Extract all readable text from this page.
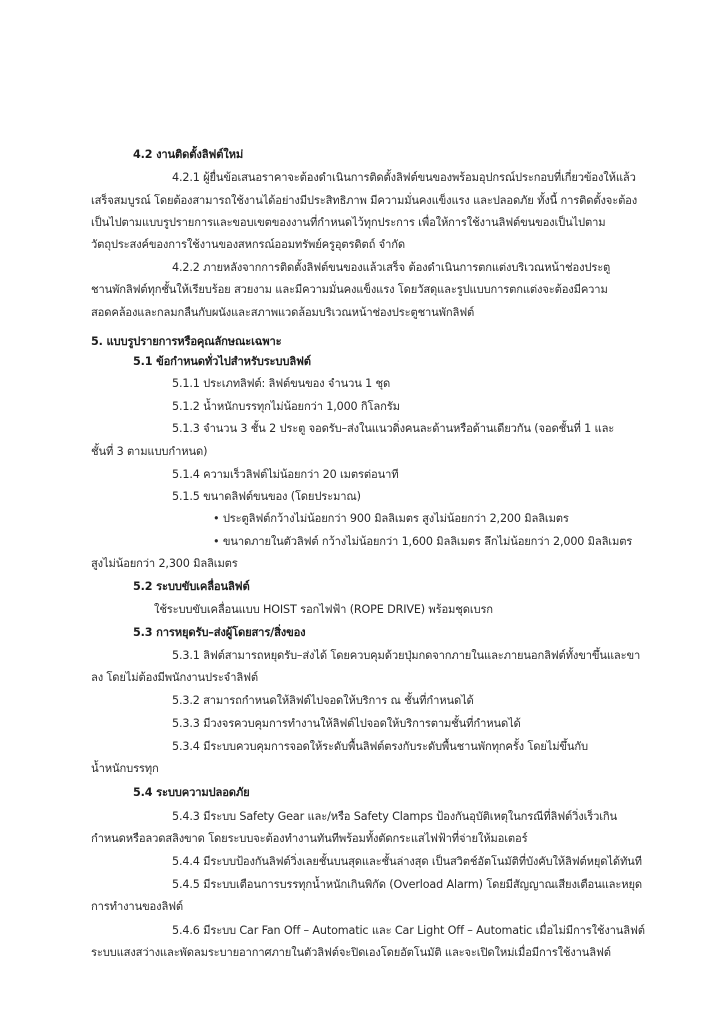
4.2 งานติดตั้งลิฟต์ใหม่
4.2.1 ผู้ยื่นข้อเสนอราคาจะต้องดำเนินการติดตั้งลิฟต์ขนของพร้อมอุปกรณ์ประกอบที่เกี่ยวข้องให้แล้ว
เสร็จสมบูรณ์ โดยต้องสามารถใช้งานได้อย่างมีประสิทธิภาพ มีความมั่นคงแข็งแรง และปลอดภัย ทั้งนี้ การติดตั้งจะต้อง
เป็นไปตามแบบรูปรายการและขอบเขตของงานที่กำหนดไว้ทุกประการ เพื่อให้การใช้งานลิฟต์ขนของเป็นไปตาม
วัตถุประสงค์ของการใช้งานของสหกรณ์ออมทรัพย์ครูอุตรดิตถ์ จำกัด
4.2.2 ภายหลังจากการติดตั้งลิฟต์ขนของแล้วเสร็จ ต้องดำเนินการตกแต่งบริเวณหน้าช่องประตู
ชานพักลิฟต์ทุกชั้นให้เรียบร้อย สวยงาม และมีความมั่นคงแข็งแรง โดยวัสดุและรูปแบบการตกแต่งจะต้องมีความ
สอดคล้องและกลมกลืนกับผนังและสภาพแวดล้อมบริเวณหน้าช่องประตูชานพักลิฟต์
5. แบบรูปรายการหรือคุณลักษณะเฉพาะ
5.1 ข้อกำหนดทั่วไปสำหรับระบบลิฟต์
5.1.1 ประเภทลิฟต์: ลิฟต์ขนของ จำนวน 1 ชุด
5.1.2 น้ำหนักบรรทุกไม่น้อยกว่า 1,000 กิโลกรัม
5.1.3 จำนวน 3 ชั้น 2 ประตู จอดรับ–ส่งในแนวดิ่งคนละด้านหรือด้านเดียวกัน (จอดชั้นที่ 1 และ
ชั้นที่ 3 ตามแบบกำหนด)
5.1.4 ความเร็วลิฟต์ไม่น้อยกว่า 20 เมตรต่อนาที
5.1.5 ขนาดลิฟต์ขนของ (โดยประมาณ)
• ประตูลิฟต์กว้างไม่น้อยกว่า 900 มิลลิเมตร สูงไม่น้อยกว่า 2,200 มิลลิเมตร
• ขนาดภายในตัวลิฟต์ กว้างไม่น้อยกว่า 1,600 มิลลิเมตร ลึกไม่น้อยกว่า 2,000 มิลลิเมตร
สูงไม่น้อยกว่า 2,300 มิลลิเมตร
5.2 ระบบขับเคลื่อนลิฟต์
ใช้ระบบขับเคลื่อนแบบ HOIST รอกไฟฟ้า (ROPE DRIVE) พร้อมชุดเบรก
5.3 การหยุดรับ–ส่งผู้โดยสาร/สิ่งของ
5.3.1 ลิฟต์สามารถหยุดรับ–ส่งได้ โดยควบคุมด้วยปุ่มกดจากภายในและภายนอกลิฟต์ทั้งขาขึ้นและขา
ลง โดยไม่ต้องมีพนักงานประจำลิฟต์
5.3.2 สามารถกำหนดให้ลิฟต์ไปจอดให้บริการ ณ ชั้นที่กำหนดได้
5.3.3 มีวงจรควบคุมการทำงานให้ลิฟต์ไปจอดให้บริการตามชั้นที่กำหนดได้
5.3.4 มีระบบควบคุมการจอดให้ระดับพื้นลิฟต์ตรงกับระดับพื้นชานพักทุกครั้ง โดยไม่ขึ้นกับ
น้ำหนักบรรทุก
5.4 ระบบความปลอดภัย
5.4.3 มีระบบ Safety Gear และ/หรือ Safety Clamps ป้องกันอุบัติเหตุในกรณีที่ลิฟต์วิ่งเร็วเกิน
กำหนดหรือลวดสลิงขาด โดยระบบจะต้องทำงานทันทีพร้อมทั้งตัดกระแสไฟฟ้าที่จ่ายให้มอเตอร์
5.4.4 มีระบบป้องกันลิฟต์วิ่งเลยชั้นบนสุดและชั้นล่างสุด เป็นสวิตช์อัตโนมัติที่บังคับให้ลิฟต์หยุดได้ทันที
5.4.5 มีระบบเตือนการบรรทุกน้ำหนักเกินพิกัด (Overload Alarm) โดยมีสัญญาณเสียงเตือนและหยุด
การทำงานของลิฟต์
5.4.6 มีระบบ Car Fan Off – Automatic และ Car Light Off – Automatic เมื่อไม่มีการใช้งานลิฟต์
ระบบแสงสว่างและพัดลมระบายอากาศภายในตัวลิฟต์จะปิดเองโดยอัตโนมัติ และจะเปิดใหม่เมื่อมีการใช้งานลิฟต์
